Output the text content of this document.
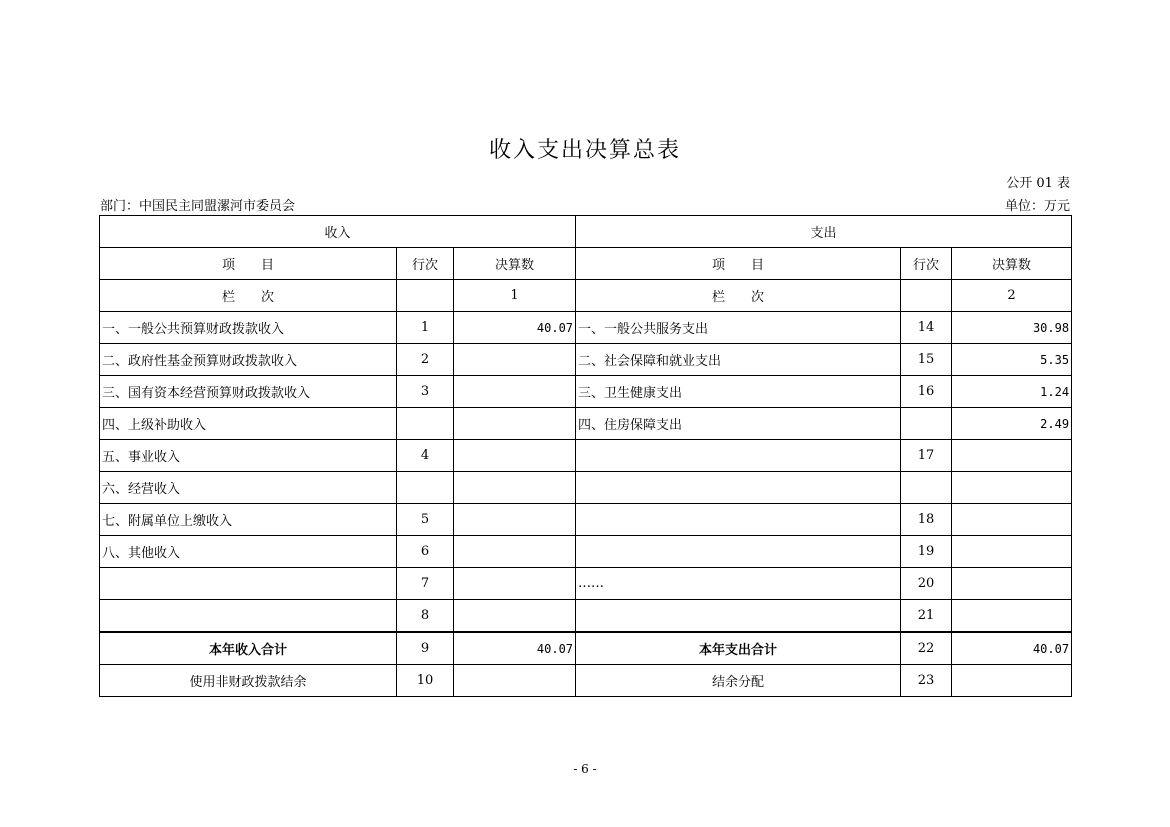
收入支出决算总表
公开 01 表
部门：中国民主同盟漯河市委员会	单位：万元
收入			支出		
项　　目	行次	决算数	项　　目	行次	决算数
栏　　次		1	栏　　次		2
一、一般公共预算财政拨款收入	1	40.07	一、一般公共服务支出	14	30.98
二、政府性基金预算财政拨款收入	2		二、社会保障和就业支出	15	5.35
三、国有资本经营预算财政拨款收入	3		三、卫生健康支出	16	1.24
四、上级补助收入			四、住房保障支出		2.49
五、事业收入	4			17	
六、经营收入					
七、附属单位上缴收入	5			18	
八、其他收入	6			19	
	7		……	20	
	8			21	
本年收入合计	9	40.07	本年支出合计	22	40.07
使用非财政拨款结余	10		结余分配	23	
- 6 -
